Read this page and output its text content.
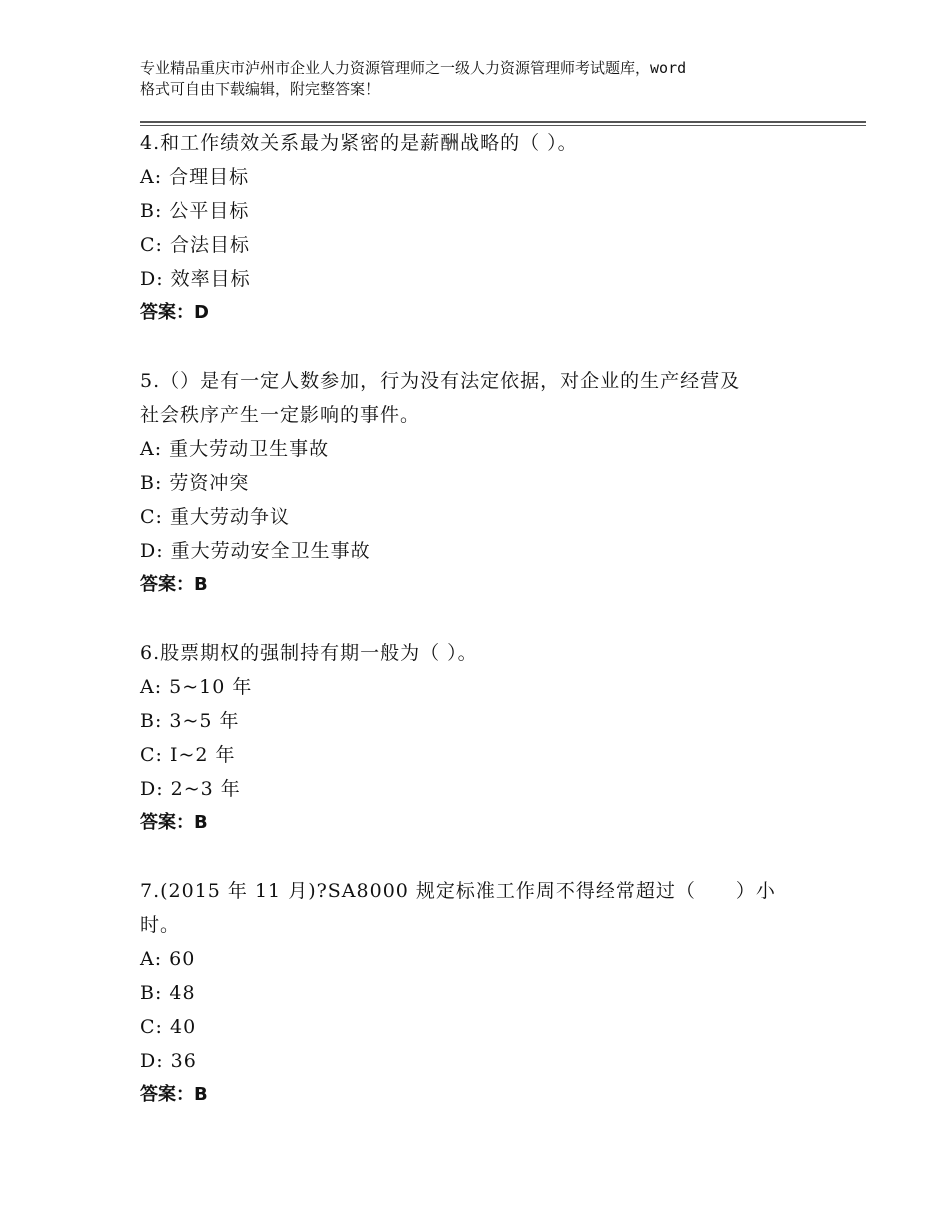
专业精品重庆市泸州市企业人力资源管理师之一级人力资源管理师考试题库，word
格式可自由下载编辑，附完整答案！
4.和工作绩效关系最为紧密的是薪酬战略的（ ）。
A: 合理目标
B: 公平目标
C: 合法目标
D: 效率目标
答案：D
5.（）是有一定人数参加，行为没有法定依据，对企业的生产经营及
社会秩序产生一定影响的事件。
A: 重大劳动卫生事故
B: 劳资冲突
C: 重大劳动争议
D: 重大劳动安全卫生事故
答案：B
6.股票期权的强制持有期一般为（ ）。
A: 5~10 年
B: 3~5 年
C: I~2 年
D: 2~3 年
答案：B
7.(2015 年 11 月)?SA8000 规定标准工作周不得经常超过（　　）小
时。
A: 60
B: 48
C: 40
D: 36
答案：B
